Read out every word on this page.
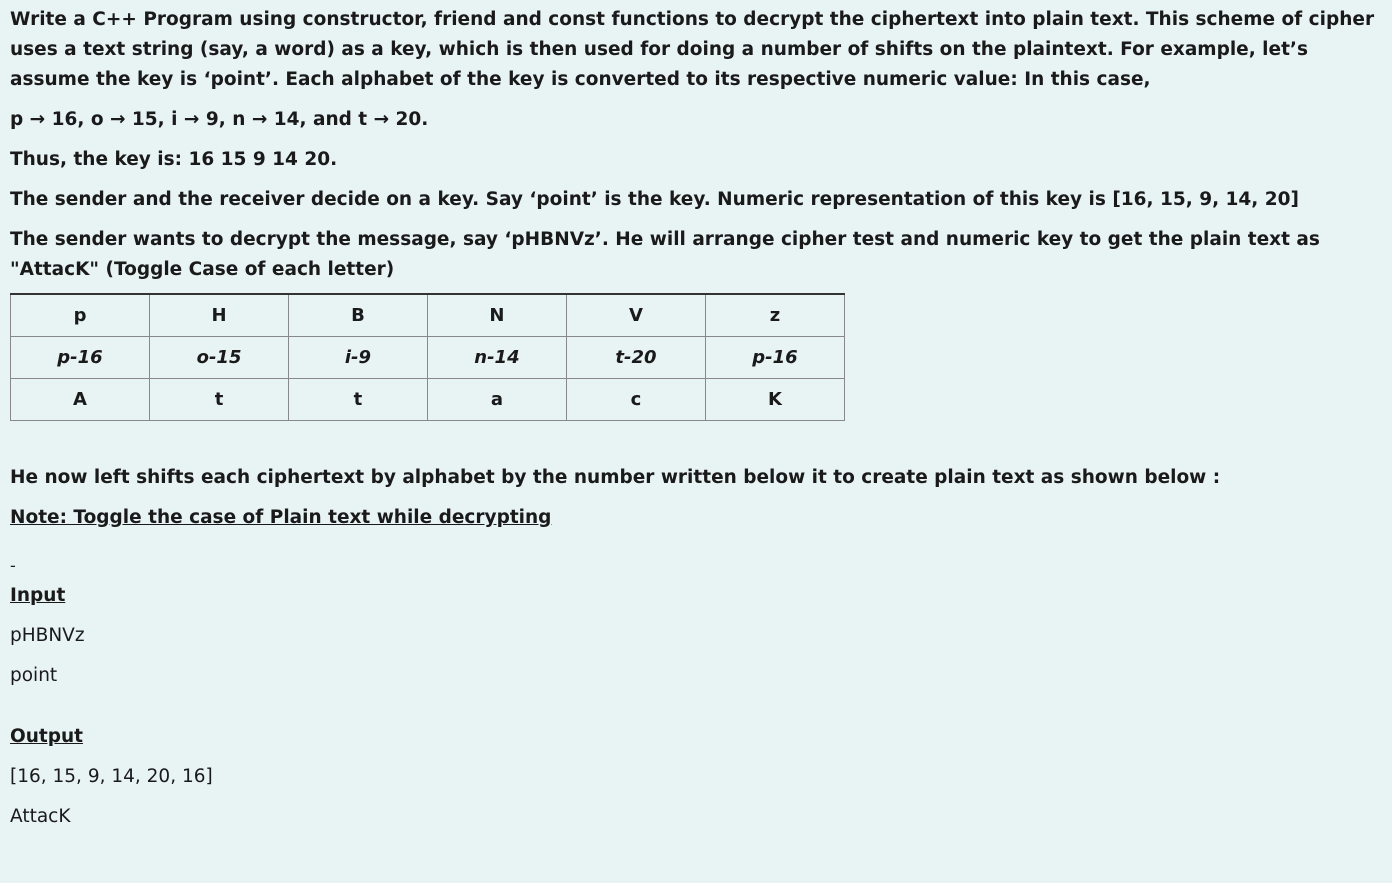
Write a C++ Program using constructor, friend and const functions to decrypt the ciphertext into plain text. This scheme of cipher uses a text string (say, a word) as a key, which is then used for doing a number of shifts on the plaintext. For example, let’s assume the key is ‘point’. Each alphabet of the key is converted to its respective numeric value: In this case,

p → 16, o → 15, i → 9, n → 14, and t → 20.

Thus, the key is: 16 15 9 14 20.

The sender and the receiver decide on a key. Say ‘point’ is the key. Numeric representation of this key is [16, 15, 9, 14, 20]

The sender wants to decrypt the message, say ‘pHBNVz’. He will arrange cipher test and numeric key to get the plain text as "AttacK" (Toggle Case of each letter)

p	H	B	N	V	z
p-16	o-15	i-9	n-14	t-20	p-16
A	t	t	a	c	K

He now left shifts each ciphertext by alphabet by the number written below it to create plain text as shown below :

Note: Toggle the case of Plain text while decrypting

-
Input

pHBNVz

point

Output

[16, 15, 9, 14, 20, 16]

AttacK
